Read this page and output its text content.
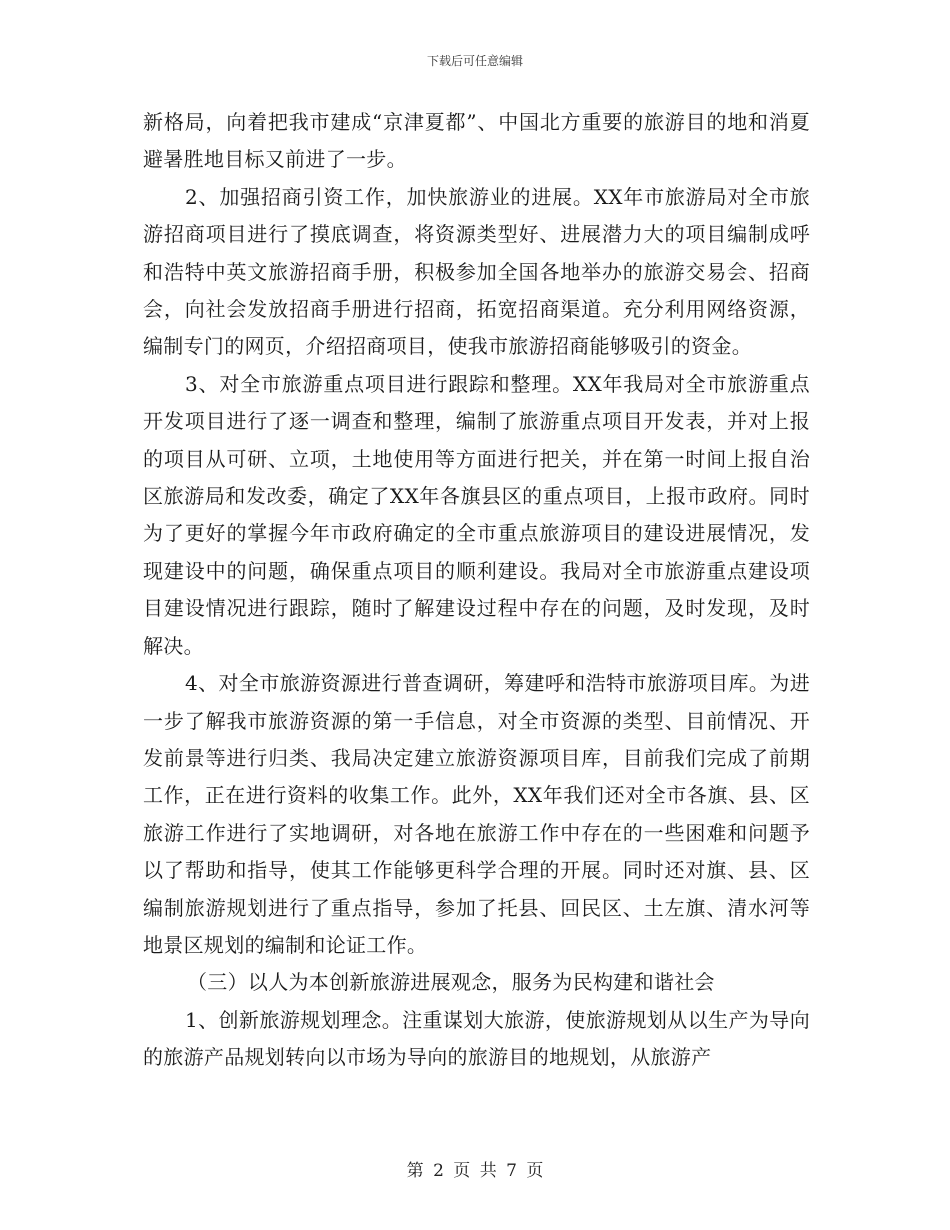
下载后可任意编辑

新格局，向着把我市建成“京津夏都”、中国北方重要的旅游目的地和消夏避暑胜地目标又前进了一步。

2、加强招商引资工作，加快旅游业的进展。XX年市旅游局对全市旅游招商项目进行了摸底调查，将资源类型好、进展潜力大的项目编制成呼和浩特中英文旅游招商手册，积极参加全国各地举办的旅游交易会、招商会，向社会发放招商手册进行招商，拓宽招商渠道。充分利用网络资源，编制专门的网页，介绍招商项目，使我市旅游招商能够吸引的资金。

3、对全市旅游重点项目进行跟踪和整理。XX年我局对全市旅游重点开发项目进行了逐一调查和整理，编制了旅游重点项目开发表，并对上报的项目从可研、立项，土地使用等方面进行把关，并在第一时间上报自治区旅游局和发改委，确定了XX年各旗县区的重点项目，上报市政府。同时为了更好的掌握今年市政府确定的全市重点旅游项目的建设进展情况，发现建设中的问题，确保重点项目的顺利建设。我局对全市旅游重点建设项目建设情况进行跟踪，随时了解建设过程中存在的问题，及时发现，及时解决。

4、对全市旅游资源进行普查调研，筹建呼和浩特市旅游项目库。为进一步了解我市旅游资源的第一手信息，对全市资源的类型、目前情况、开发前景等进行归类、我局决定建立旅游资源项目库，目前我们完成了前期工作，正在进行资料的收集工作。此外，XX年我们还对全市各旗、县、区旅游工作进行了实地调研，对各地在旅游工作中存在的一些困难和问题予以了帮助和指导，使其工作能够更科学合理的开展。同时还对旗、县、区编制旅游规划进行了重点指导，参加了托县、回民区、土左旗、清水河等地景区规划的编制和论证工作。

（三）以人为本创新旅游进展观念，服务为民构建和谐社会

1、创新旅游规划理念。注重谋划大旅游，使旅游规划从以生产为导向的旅游产品规划转向以市场为导向的旅游目的地规划，从旅游产

第 2 页 共 7 页
